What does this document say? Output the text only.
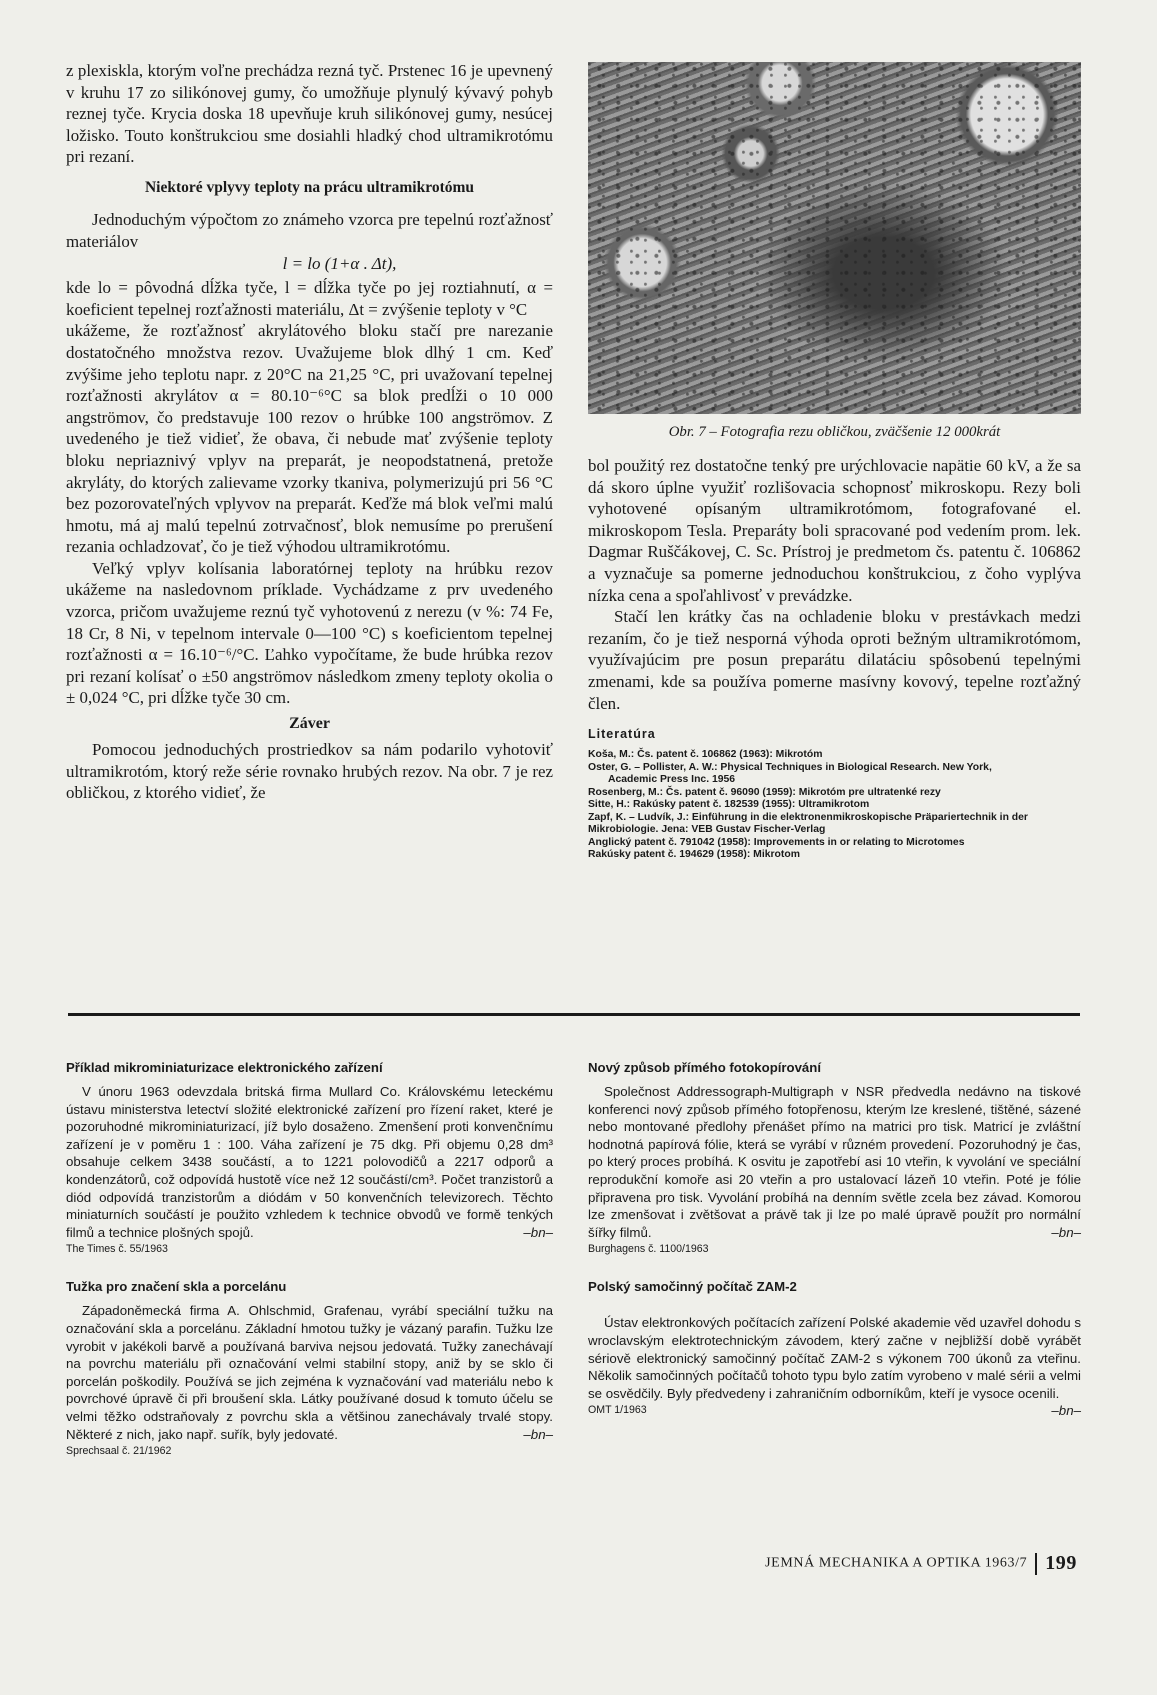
z plexiskla, ktorým voľne prechádza rezná tyč. Prstenec 16 je upevnený v kruhu 17 zo silikónovej gumy, čo umožňuje plynulý kývavý pohyb reznej tyče. Krycia doska 18 upevňuje kruh silikónovej gumy, nesúcej ložisko. Touto konštrukciou sme dosiahli hladký chod ultramikrotómu pri rezaní.

Niektoré vplyvy teploty na prácu ultramikrotómu

Jednoduchým výpočtom zo známeho vzorca pre tepelnú rozťažnosť materiálov

l = lo (1+α . Δt),

kde lo = pôvodná dĺžka tyče, l = dĺžka tyče po jej roztiahnutí, α = koeficient tepelnej rozťažnosti materiálu, Δt = zvýšenie teploty v °C

ukážeme, že rozťažnosť akrylátového bloku stačí pre narezanie dostatočného množstva rezov. Uvažujeme blok dlhý 1 cm. Keď zvýšime jeho teplotu napr. z 20°C na 21,25 °C, pri uvažovaní tepelnej rozťažnosti akrylátov α = 80.10⁻⁶°C sa blok predĺži o 10 000 angströmov, čo predstavuje 100 rezov o hrúbke 100 angströmov. Z uvedeného je tiež vidieť, že obava, či nebude mať zvýšenie teploty bloku nepriaznivý vplyv na preparát, je neopodstatnená, pretože akryláty, do ktorých zalievame vzorky tkaniva, polymerizujú pri 56 °C bez pozorovateľných vplyvov na preparát. Keďže má blok veľmi malú hmotu, má aj malú tepelnú zotrvačnosť, blok nemusíme po prerušení rezania ochladzovať, čo je tiež výhodou ultramikrotómu.

Veľký vplyv kolísania laboratórnej teploty na hrúbku rezov ukážeme na nasledovnom príklade. Vychádzame z prv uvedeného vzorca, pričom uvažujeme reznú tyč vyhotovenú z nerezu (v %: 74 Fe, 18 Cr, 8 Ni, v tepelnom intervale 0—100 °C) s koeficientom tepelnej rozťažnosti α = 16.10⁻⁶/°C. Ľahko vypočítame, že bude hrúbka rezov pri rezaní kolísať o ±50 angströmov následkom zmeny teploty okolia o ± 0,024 °C, pri dĺžke tyče 30 cm.

Záver

Pomocou jednoduchých prostriedkov sa nám podarilo vyhotoviť ultramikrotóm, ktorý reže série rovnako hrubých rezov. Na obr. 7 je rez obličkou, z ktorého vidieť, že

Obr. 7 – Fotografia rezu obličkou, zväčšenie 12 000krát

bol použitý rez dostatočne tenký pre urýchlovacie napätie 60 kV, a že sa dá skoro úplne využiť rozlišovacia schopnosť mikroskopu. Rezy boli vyhotovené opísaným ultramikrotómom, fotografované el. mikroskopom Tesla. Preparáty boli spracované pod vedením prom. lek. Dagmar Ruščákovej, C. Sc. Prístroj je predmetom čs. patentu č. 106862 a vyznačuje sa pomerne jednoduchou konštrukciou, z čoho vyplýva nízka cena a spoľahlivosť v prevádzke.

Stačí len krátky čas na ochladenie bloku v prestávkach medzi rezaním, čo je tiež nesporná výhoda oproti bežným ultramikrotómom, využívajúcim pre posun preparátu dilatáciu spôsobenú tepelnými zmenami, kde sa používa pomerne masívny kovový, tepelne rozťažný člen.

Literatúra

Koša, M.: Čs. patent č. 106862 (1963): Mikrotóm

Oster, G. – Pollister, A. W.: Physical Techniques in Biological Research. New York,

Academic Press Inc. 1956

Rosenberg, M.: Čs. patent č. 96090 (1959): Mikrotóm pre ultratenké rezy

Sitte, H.: Rakúsky patent č. 182539 (1955): Ultramikrotom

Zapf, K. – Ludvík, J.: Einführung in die elektronenmikroskopische Präpariertechnik in der Mikrobiologie. Jena: VEB Gustav Fischer-Verlag

Anglický patent č. 791042 (1958): Improvements in or relating to Microtomes

Rakúsky patent č. 194629 (1958): Mikrotom

Příklad mikrominiaturizace elektronického zařízení

V únoru 1963 odevzdala britská firma Mullard Co. Královskému leteckému ústavu ministerstva letectví složité elektronické zařízení pro řízení raket, které je pozoruhodné mikrominiaturizací, jíž bylo dosaženo. Zmenšení proti konvenčnímu zařízení je v poměru 1 : 100. Váha zařízení je 75 dkg. Při objemu 0,28 dm³ obsahuje celkem 3438 součástí, a to 1221 polovodičů a 2217 odporů a kondenzátorů, což odpovídá hustotě více než 12 součástí/cm³. Počet tranzistorů a diód odpovídá tranzistorům a diódám v 50 konvenčních televizorech. Těchto miniaturních součástí je použito vzhledem k technice obvodů ve formě tenkých filmů a technice plošných spojů.	–bn–

The Times č. 55/1963
Tužka pro značení skla a porcelánu

Západoněmecká firma A. Ohlschmid, Grafenau, vyrábí speciální tužku na označování skla a porcelánu. Základní hmotou tužky je vázaný parafin. Tužku lze vyrobit v jakékoli barvě a používaná barviva nejsou jedovatá. Tužky zanechávají na povrchu materiálu při označování velmi stabilní stopy, aniž by se sklo či porcelán poškodily. Používá se jich zejména k vyznačování vad materiálu nebo k povrchové úpravě či při broušení skla. Látky používané dosud k tomuto účelu se velmi těžko odstraňovaly z povrchu skla a většinou zanechávaly trvalé stopy. Některé z nich, jako např. suřík, byly jedovaté.	–bn–

Sprechsaal č. 21/1962
Nový způsob přímého fotokopírování

Společnost Addressograph-Multigraph v NSR předvedla nedávno na tiskové konferenci nový způsob přímého fotopřenosu, kterým lze kreslené, tištěné, sázené nebo montované předlohy přenášet přímo na matrici pro tisk. Matricí je zvláštní hodnotná papírová fólie, která se vyrábí v různém provedení. Pozoruhodný je čas, po který proces probíhá. K osvitu je zapotřebí asi 10 vteřin, k vyvolání ve speciální reprodukční komoře asi 20 vteřin a pro ustalovací lázeň 10 vteřin. Poté je fólie připravena pro tisk. Vyvolání probíhá na denním světle zcela bez závad. Komorou lze zmenšovat i zvětšovat a právě tak ji lze po malé úpravě použít pro normální šířky filmů.	–bn–

Burghagens č. 1100/1963
Polský samočinný počítač ZAM-2

Ústav elektronkových počítacích zařízení Polské akademie věd uzavřel dohodu s wroclavským elektrotechnickým závodem, který začne v nejbližší době vyrábět sériově elektronický samočinný počítač ZAM-2 s výkonem 700 úkonů za vteřinu. Několik samočinných počítačů tohoto typu bylo zatím vyrobeno v malé sérii a velmi se osvědčily. Byly předvedeny i zahraničním odborníkům, kteří je vysoce ocenili.
–bn–

OMT 1/1963
JEMNÁ MECHANIKA A OPTIKA 1963/7 199
